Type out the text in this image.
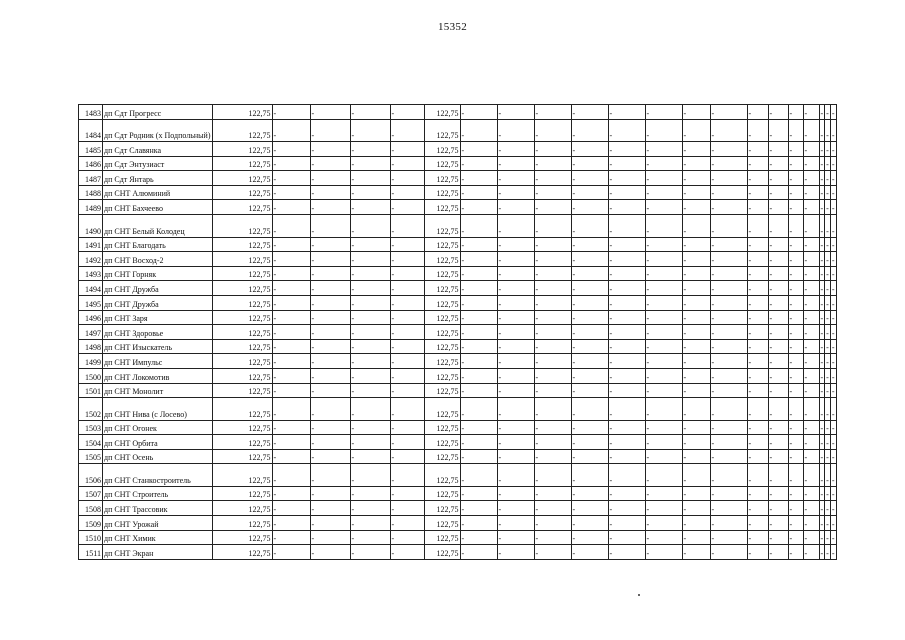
15352
1483	дп Сдт Прогресс	122,75	-	-	-	-	122,75	-	-	-	-	-	-	-	-	-	-	-	-	-	-	-
1484	дп Сдт Родник (х Подпольный)	122,75	-	-	-	-	122,75	-	-	-	-	-	-	-	-	-	-	-	-	-	-	-
1485	дп Сдт Славянка	122,75	-	-	-	-	122,75	-	-	-	-	-	-	-	-	-	-	-	-	-	-	-
1486	дп Сдт Энтузиаст	122,75	-	-	-	-	122,75	-	-	-	-	-	-	-	-	-	-	-	-	-	-	-
1487	дп Сдт Янтарь	122,75	-	-	-	-	122,75	-	-	-	-	-	-	-	-	-	-	-	-	-	-	-
1488	дп СНТ Алюминий	122,75	-	-	-	-	122,75	-	-	-	-	-	-	-	-	-	-	-	-	-	-	-
1489	дп СНТ Бахчеево	122,75	-	-	-	-	122,75	-	-	-	-	-	-	-	-	-	-	-	-	-	-	-
1490	дп СНТ Белый Колодец	122,75	-	-	-	-	122,75	-	-	-	-	-	-	-	-	-	-	-	-	-	-	-
1491	дп СНТ Благодать	122,75	-	-	-	-	122,75	-	-	-	-	-	-	-	-	-	-	-	-	-	-	-
1492	дп СНТ Восход-2	122,75	-	-	-	-	122,75	-	-	-	-	-	-	-	-	-	-	-	-	-	-	-
1493	дп СНТ Горняк	122,75	-	-	-	-	122,75	-	-	-	-	-	-	-	-	-	-	-	-	-	-	-
1494	дп СНТ Дружба	122,75	-	-	-	-	122,75	-	-	-	-	-	-	-	-	-	-	-	-	-	-	-
1495	дп СНТ Дружба	122,75	-	-	-	-	122,75	-	-	-	-	-	-	-	-	-	-	-	-	-	-	-
1496	дп СНТ Заря	122,75	-	-	-	-	122,75	-	-	-	-	-	-	-	-	-	-	-	-	-	-	-
1497	дп СНТ Здоровье	122,75	-	-	-	-	122,75	-	-	-	-	-	-	-	-	-	-	-	-	-	-	-
1498	дп СНТ Изыскатель	122,75	-	-	-	-	122,75	-	-	-	-	-	-	-	-	-	-	-	-	-	-	-
1499	дп СНТ Импульс	122,75	-	-	-	-	122,75	-	-	-	-	-	-	-	-	-	-	-	-	-	-	-
1500	дп СНТ Локомотив	122,75	-	-	-	-	122,75	-	-	-	-	-	-	-	-	-	-	-	-	-	-	-
1501	дп СНТ Монолит	122,75	-	-	-	-	122,75	-	-	-	-	-	-	-	-	-	-	-	-	-	-	-
1502	дп СНТ Нива (с Лосево)	122,75	-	-	-	-	122,75	-	-	-	-	-	-	-	-	-	-	-	-	-	-	-
1503	дп СНТ Огонек	122,75	-	-	-	-	122,75	-	-	-	-	-	-	-	-	-	-	-	-	-	-	-
1504	дп СНТ Орбита	122,75	-	-	-	-	122,75	-	-	-	-	-	-	-	-	-	-	-	-	-	-	-
1505	дп СНТ Осень	122,75	-	-	-	-	122,75	-	-	-	-	-	-	-	-	-	-	-	-	-	-	-
1506	дп СНТ Станкостроитель	122,75	-	-	-	-	122,75	-	-	-	-	-	-	-	-	-	-	-	-	-	-	-
1507	дп СНТ Строитель	122,75	-	-	-	-	122,75	-	-	-	-	-	-	-	-	-	-	-	-	-	-	-
1508	дп СНТ Трассовик	122,75	-	-	-	-	122,75	-	-	-	-	-	-	-	-	-	-	-	-	-	-	-
1509	дп СНТ Урожай	122,75	-	-	-	-	122,75	-	-	-	-	-	-	-	-	-	-	-	-	-	-	-
1510	дп СНТ Химик	122,75	-	-	-	-	122,75	-	-	-	-	-	-	-	-	-	-	-	-	-	-	-
1511	дп СНТ Экран	122,75	-	-	-	-	122,75	-	-	-	-	-	-	-	-	-	-	-	-	-	-	-
